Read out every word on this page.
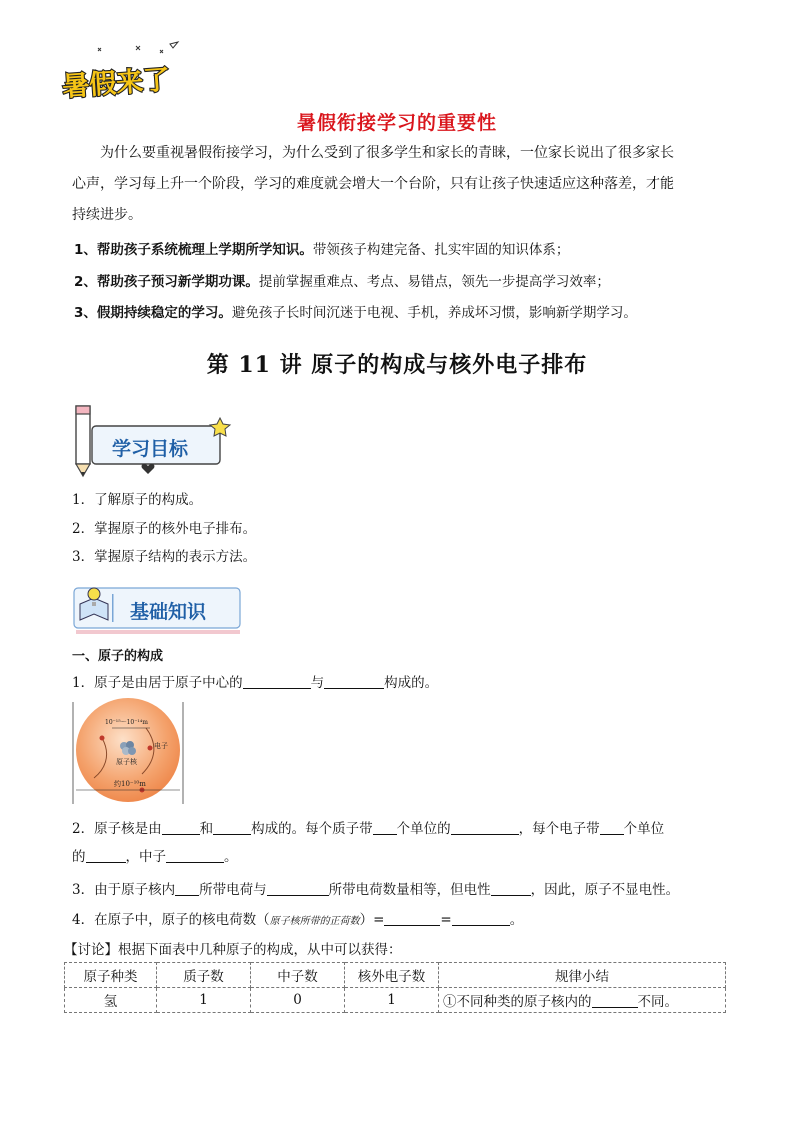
暑假来了
暑假衔接学习的重要性

为什么要重视暑假衔接学习，为什么受到了很多学生和家长的青睐，一位家长说出了很多家长

心声，学习每上升一个阶段，学习的难度就会增大一个台阶，只有让孩子快速适应这种落差，才能

持续进步。

1、帮助孩子系统梳理上学期所学知识。带领孩子构建完备、扎实牢固的知识体系；
2、帮助孩子预习新学期功课。提前掌握重难点、考点、易错点，领先一步提高学习效率；
3、假期持续稳定的学习。避免孩子长时间沉迷于电视、手机，养成坏习惯，影响新学期学习。
第 11 讲 原子的构成与核外电子排布
学习目标
1．了解原子的构成。
2．掌握原子的核外电子排布。
3．掌握原子结构的表示方法。
基础知识
一、原子的构成
1．原子是由居于原子中心的	与	构成的。
10⁻¹⁵～10⁻¹⁴m
原子核
电子
约10⁻¹⁰m
2．原子核是由	和	构成的。每个质子带 个单位的	，每个电子带 个单位
的	，中子	。
3．由于原子核内 所带电荷与	所带电荷数量相等，但电性	，因此，原子不显电性。
4．在原子中，原子的核电荷数（原子核所带的正荷数）=	=	。
【讨论】根据下面表中几种原子的构成，从中可以获得：
原子种类	质子数	中子数	核外电子数	规律小结
氢	1	0	1	①不同种类的原子核内的 不同。
